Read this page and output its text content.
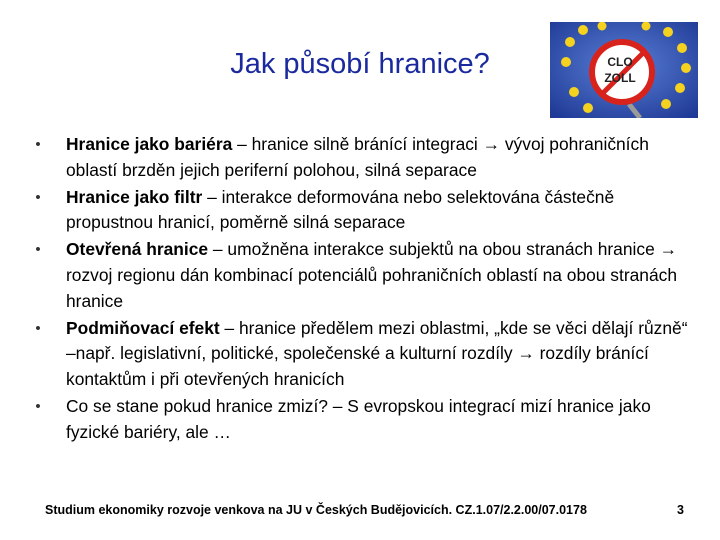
Jak působí hranice?	CLO
ZOLL
•	Hranice jako bariéra – hranice silně bránící integraci → vývoj pohraničních oblastí brzděn jejich periferní polohou, silná separace
•	Hranice jako filtr – interakce deformována nebo selektována částečně propustnou hranicí, poměrně silná separace
•	Otevřená hranice – umožněna interakce subjektů na obou stranách hranice → rozvoj regionu dán kombinací potenciálů pohraničních oblastí na obou stranách hranice
•	Podmiňovací efekt – hranice předělem mezi oblastmi, „kde se věci dělají různě“ –např. legislativní, politické, společenské a kulturní rozdíly → rozdíly bránící kontaktům i při otevřených hranicích
•	Co se stane pokud hranice zmizí? – S evropskou integrací mizí hranice jako fyzické bariéry, ale …
Studium ekonomiky rozvoje venkova na JU v Českých Budějovicích. CZ.1.07/2.2.00/07.0178	3
